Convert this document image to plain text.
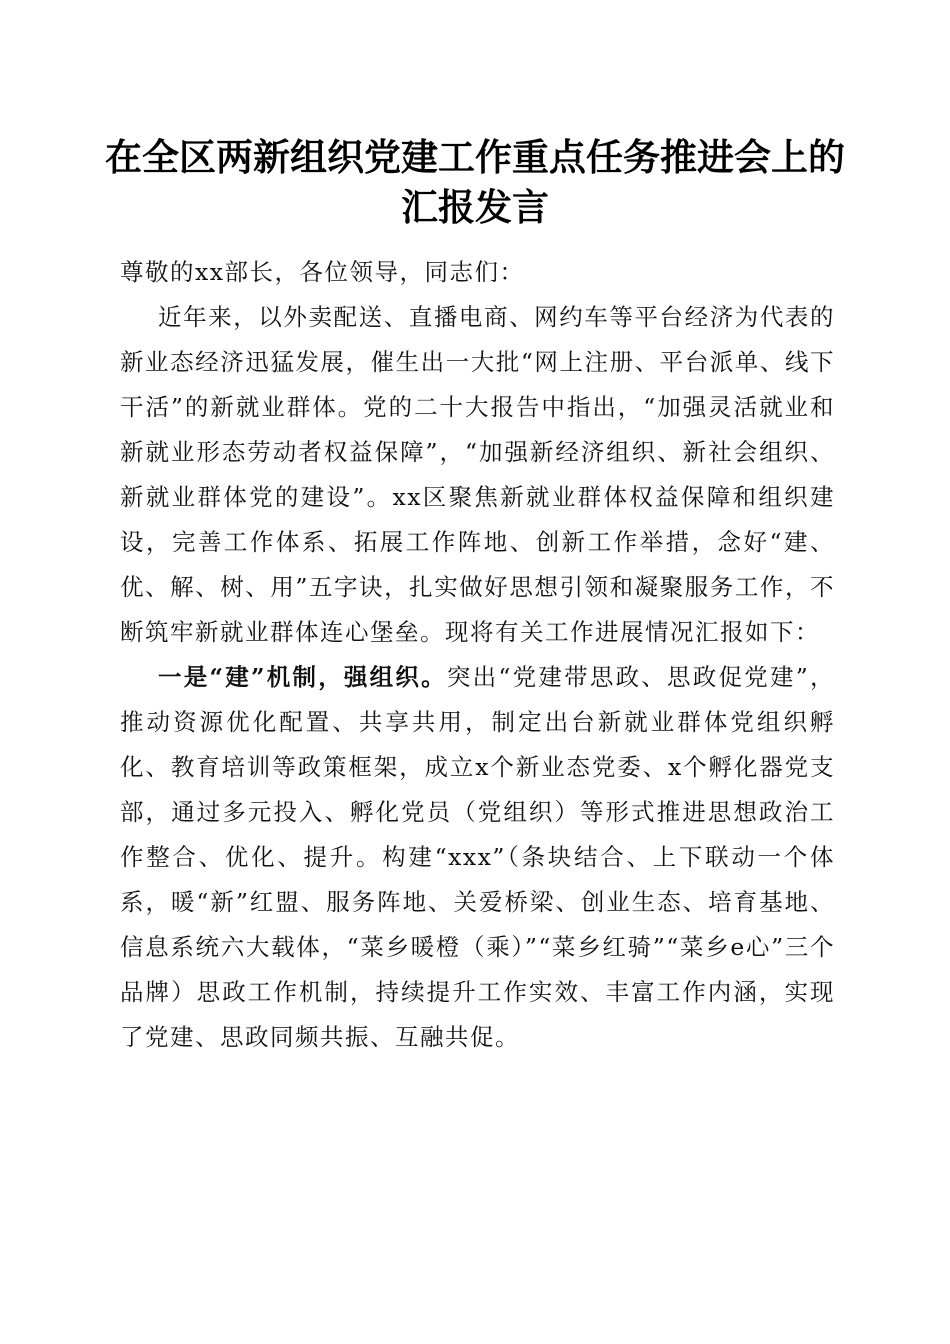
在全区两新组织党建工作重点任务推进会上的
汇报发言

尊敬的xx部长，各位领导，同志们：

近年来，以外卖配送、直播电商、网约车等平台经济为代表的新业态经济迅猛发展，催生出一大批“网上注册、平台派单、线下干活”的新就业群体。党的二十大报告中指出，“加强灵活就业和新就业形态劳动者权益保障”，“加强新经济组织、新社会组织、新就业群体党的建设”。xx区聚焦新就业群体权益保障和组织建设，完善工作体系、拓展工作阵地、创新工作举措，念好“建、优、解、树、用”五字诀，扎实做好思想引领和凝聚服务工作，不断筑牢新就业群体连心堡垒。现将有关工作进展情况汇报如下：

一是“建”机制，强组织。突出“党建带思政、思政促党建”，推动资源优化配置、共享共用，制定出台新就业群体党组织孵化、教育培训等政策框架，成立x个新业态党委、x个孵化器党支部，通过多元投入、孵化党员（党组织）等形式推进思想政治工作整合、优化、提升。构建“xxx”（条块结合、上下联动一个体系，暖“新”红盟、服务阵地、关爱桥梁、创业生态、培育基地、信息系统六大载体，“菜乡暖橙（乘）”“菜乡红骑”“菜乡e心”三个品牌）思政工作机制，持续提升工作实效、丰富工作内涵，实现了党建、思政同频共振、互融共促。
